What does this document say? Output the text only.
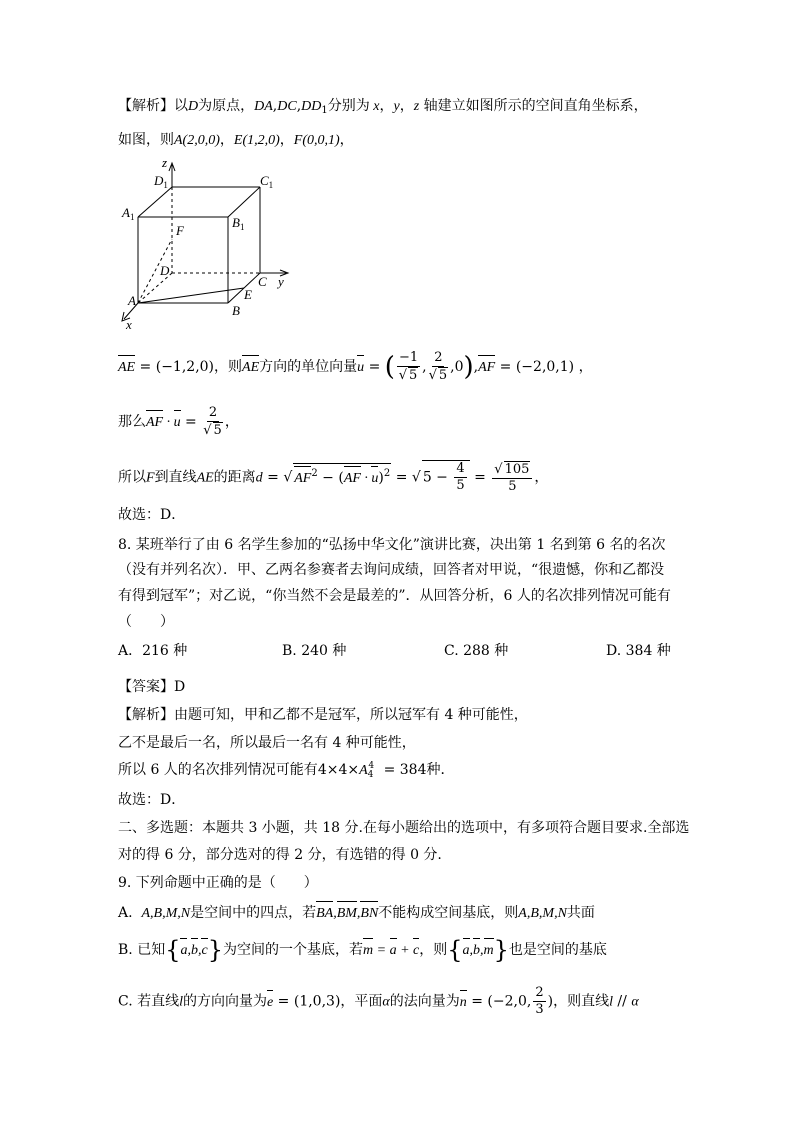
【解析】以D为原点，$DA,DC,DD_1$分别为 x，y，z 轴建立如图所示的空间直角坐标系，
如图，则A(2,0,0)，E(1,2,0)，F(0,0,1)，
z
$D_1$	$C_1$
$A_1$	$B_1$
F
D
C y
A	E
B
x
AE = (−1,2,0)，则AE方向的单位向量u = ( $\frac{-1}{√ 5}$ , $\frac{2}{√ 5} ,0),AF = (-2,0,1)$ ，
那么AF · $u = \frac{2}{√ 5}$ ，
所以F到直线AE的距离d = √ $AF^2 - (AF \cdot u)^2$ = √ $5 - \frac{4}{5} = \frac{√ 105}{5}$ ，
故选：D．
8. 某班举行了由 6 名学生参加的“弘扬中华文化”演讲比赛，决出第 1 名到第 6 名的名次
（没有并列名次）．甲、乙两名参赛者去询问成绩，回答者对甲说，“很遗憾，你和乙都没
有得到冠军”；对乙说，“你当然不会是最差的”．从回答分析，6 人的名次排列情况可能有
（　　）
A．216 种	B. 240 种	C. 288 种	D. 384 种
【答案】D
【解析】由题可知，甲和乙都不是冠军，所以冠军有 4 种可能性，
乙不是最后一名，所以最后一名有 4 种可能性，
所以 6 人的名次排列情况可能有$4\times 4\times A_4^4 = 384$种．
故选：D．
二、多选题：本题共 3 小题，共 18 分.在每小题给出的选项中，有多项符合题目要求.全部选
对的得 6 分，部分选对的得 2 分，有选错的得 0 分.
9. 下列命题中正确的是（　　）
A. A,B,M,N是空间中的四点，若BA,BM,BN不能构成空间基底，则A,B,M,N共面
B. 已知{a,b,c}为空间的一个基底，若m = a + c，则{a,b,m}也是空间的基底
C. 若直线l的方向向量为e = (1,0,3)，平面α的法向量为n = (−2,0, $\frac{2}{3}$ )，则直线l // α
